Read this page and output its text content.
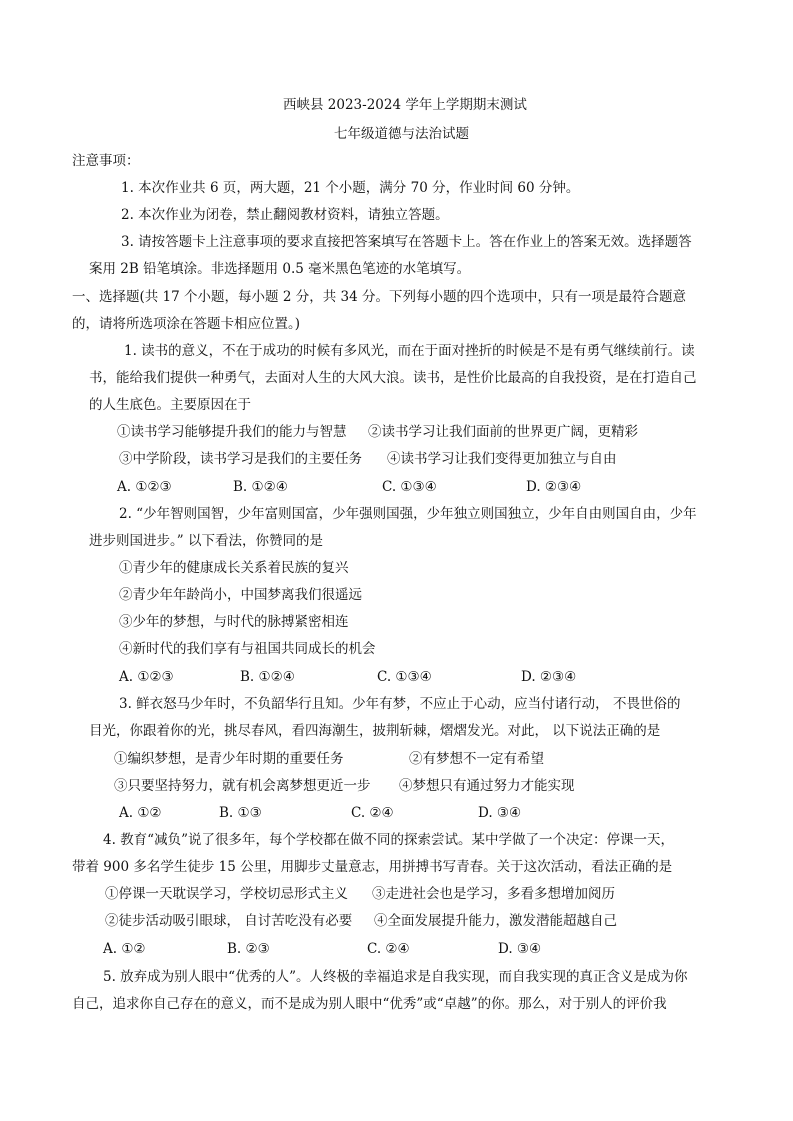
西峡县 2023-2024 学年上学期期末测试
七年级道德与法治试题
注意事项：
1. 本次作业共 6 页，两大题，21 个小题，满分 70 分，作业时间 60 分钟。
2. 本次作业为闭卷，禁止翻阅教材资料，请独立答题。
3. 请按答题卡上注意事项的要求直接把答案填写在答题卡上。答在作业上的答案无效。选择题答
案用 2B 铅笔填涂。非选择题用 0.5 毫米黑色笔迹的水笔填写。
一、选择题(共 17 个小题，每小题 2 分，共 34 分。下列每小题的四个选项中，只有一项是最符合题意
的，请将所选项涂在答题卡相应位置。)
1. 读书的意义，不在于成功的时候有多风光，而在于面对挫折的时候是不是有勇气继续前行。读
书，能给我们提供一种勇气，去面对人生的大风大浪。读书，是性价比最高的自我投资，是在打造自己
的人生底色。主要原因在于
①读书学习能够提升我们的能力与智慧 ②读书学习让我们面前的世界更广阔，更精彩
③中学阶段，读书学习是我们的主要任务 ④读书学习让我们变得更加独立与自由
A. ①②③	B. ①②④	C. ①③④	D. ②③④
2. “少年智则国智，少年富则国富，少年强则国强，少年独立则国独立，少年自由则国自由，少年
进步则国进步。” 以下看法，你赞同的是
①青少年的健康成长关系着民族的复兴
②青少年年龄尚小，中国梦离我们很遥远
③少年的梦想，与时代的脉搏紧密相连
④新时代的我们享有与祖国共同成长的机会
A. ①②③	B. ①②④	C. ①③④	D. ②③④
3. 鲜衣怒马少年时，不负韶华行且知。少年有梦，不应止于心动，应当付诸行动， 不畏世俗的
目光，你跟着你的光，挑尽春风，看四海潮生，披荆斩棘，熠熠发光。对此， 以下说法正确的是
①编织梦想，是青少年时期的重要任务	②有梦想不一定有希望
③只要坚持努力，就有机会离梦想更近一步 ④梦想只有通过努力才能实现
A. ①②	B. ①③	C. ②④	D. ③④
4. 教育“减负”说了很多年，每个学校都在做不同的探索尝试。某中学做了一个决定：停课一天，
带着 900 多名学生徒步 15 公里，用脚步丈量意志，用拼搏书写青春。关于这次活动，看法正确的是
①停课一天耽误学习，学校切忌形式主义 ③走进社会也是学习，多看多想增加阅历
②徒步活动吸引眼球， 自讨苦吃没有必要 ④全面发展提升能力，激发潜能超越自己
A. ①②	B. ②③	C. ②④	D. ③④
5. 放弃成为别人眼中“优秀的人”。人终极的幸福追求是自我实现，而自我实现的真正含义是成为你
自己，追求你自己存在的意义，而不是成为别人眼中“优秀”或“卓越”的你。那么，对于别人的评价我
